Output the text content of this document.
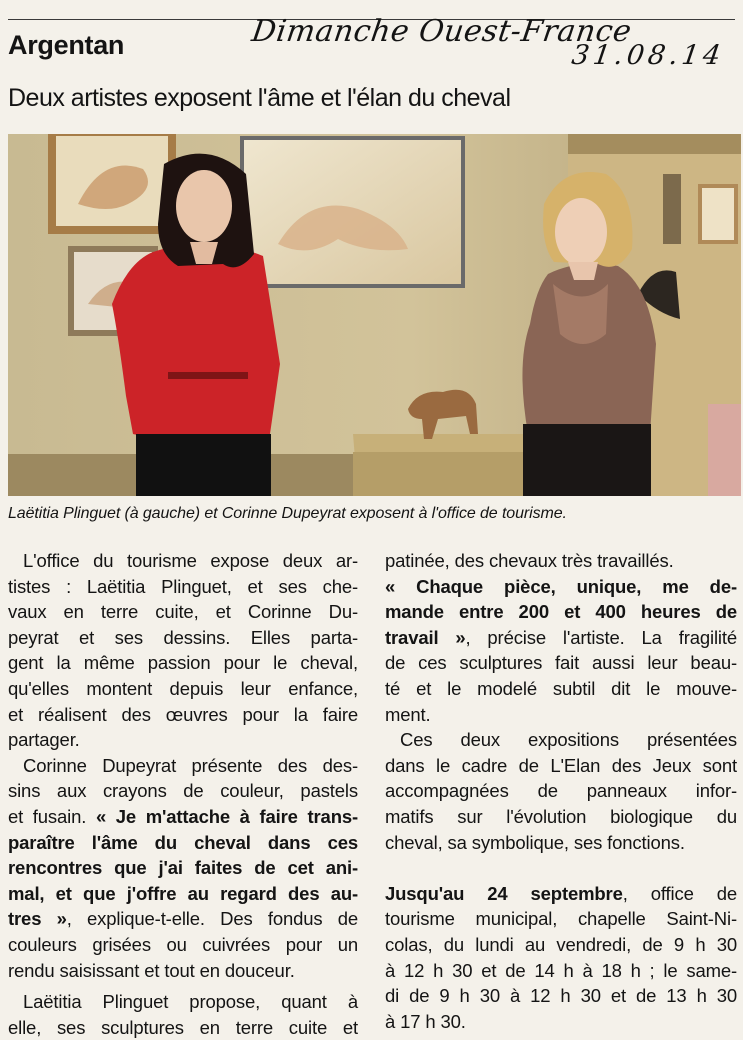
Argentan	Dimanche Ouest-France
31.08.14
Deux artistes exposent l'âme et l'élan du cheval
Laëtitia Plinguet (à gauche) et Corinne Dupeyrat exposent à l'office de tourisme.
L'office du tourisme expose deux ar-
tistes : Laëtitia Plinguet, et ses che-
vaux en terre cuite, et Corinne Du-
peyrat et ses dessins. Elles parta-
gent la même passion pour le cheval,
qu'elles montent depuis leur enfance,
et réalisent des œuvres pour la faire
partager.
Corinne Dupeyrat présente des des-
sins aux crayons de couleur, pastels
et fusain. « Je m'attache à faire trans-
paraître l'âme du cheval dans ces
rencontres que j'ai faites de cet ani-
mal, et que j'offre au regard des au-
tres », explique-t-elle. Des fondus de
couleurs grisées ou cuivrées pour un
rendu saisissant et tout en douceur.
Laëtitia Plinguet propose, quant à
elle, ses sculptures en terre cuite et
patinée, des chevaux très travaillés.
« Chaque pièce, unique, me de-
mande entre 200 et 400 heures de
travail », précise l'artiste. La fragilité
de ces sculptures fait aussi leur beau-
té et le modelé subtil dit le mouve-
ment.
Ces deux expositions présentées
dans le cadre de L'Elan des Jeux sont
accompagnées de panneaux infor-
matifs sur l'évolution biologique du
cheval, sa symbolique, ses fonctions.
Jusqu'au 24 septembre, office de
tourisme municipal, chapelle Saint-Ni-
colas, du lundi au vendredi, de 9 h 30
à 12 h 30 et de 14 h à 18 h ; le same-
di de 9 h 30 à 12 h 30 et de 13 h 30
à 17 h 30.
